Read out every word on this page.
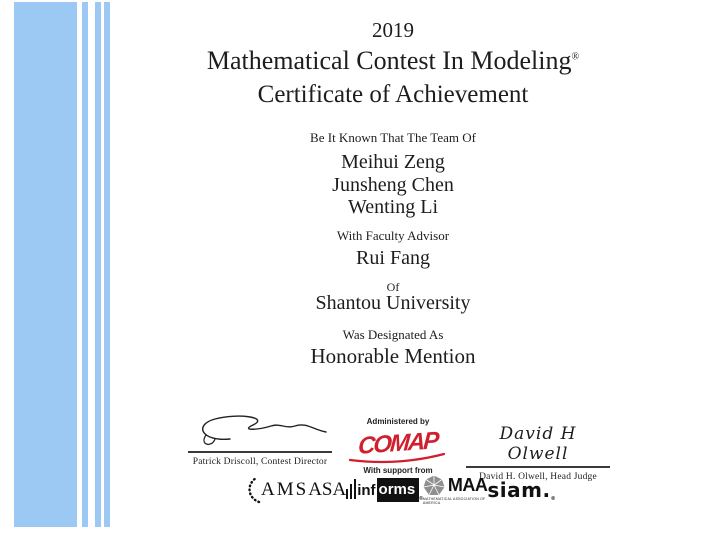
2019
Mathematical Contest In Modeling®
Certificate of Achievement
Be It Known That The Team Of
Meihui Zeng
Junsheng Chen
Wenting Li
With Faculty Advisor
Rui Fang
Of
Shantou University
Was Designated As
Honorable Mention
Patrick Driscoll, Contest Director
Administered by
COMAP
With support from
David H Olwell
David H. Olwell, Head Judge
AMS ASA inf orms
®
MAA
MATHEMATICAL ASSOCIATION OF AMERICA
siam. ®
